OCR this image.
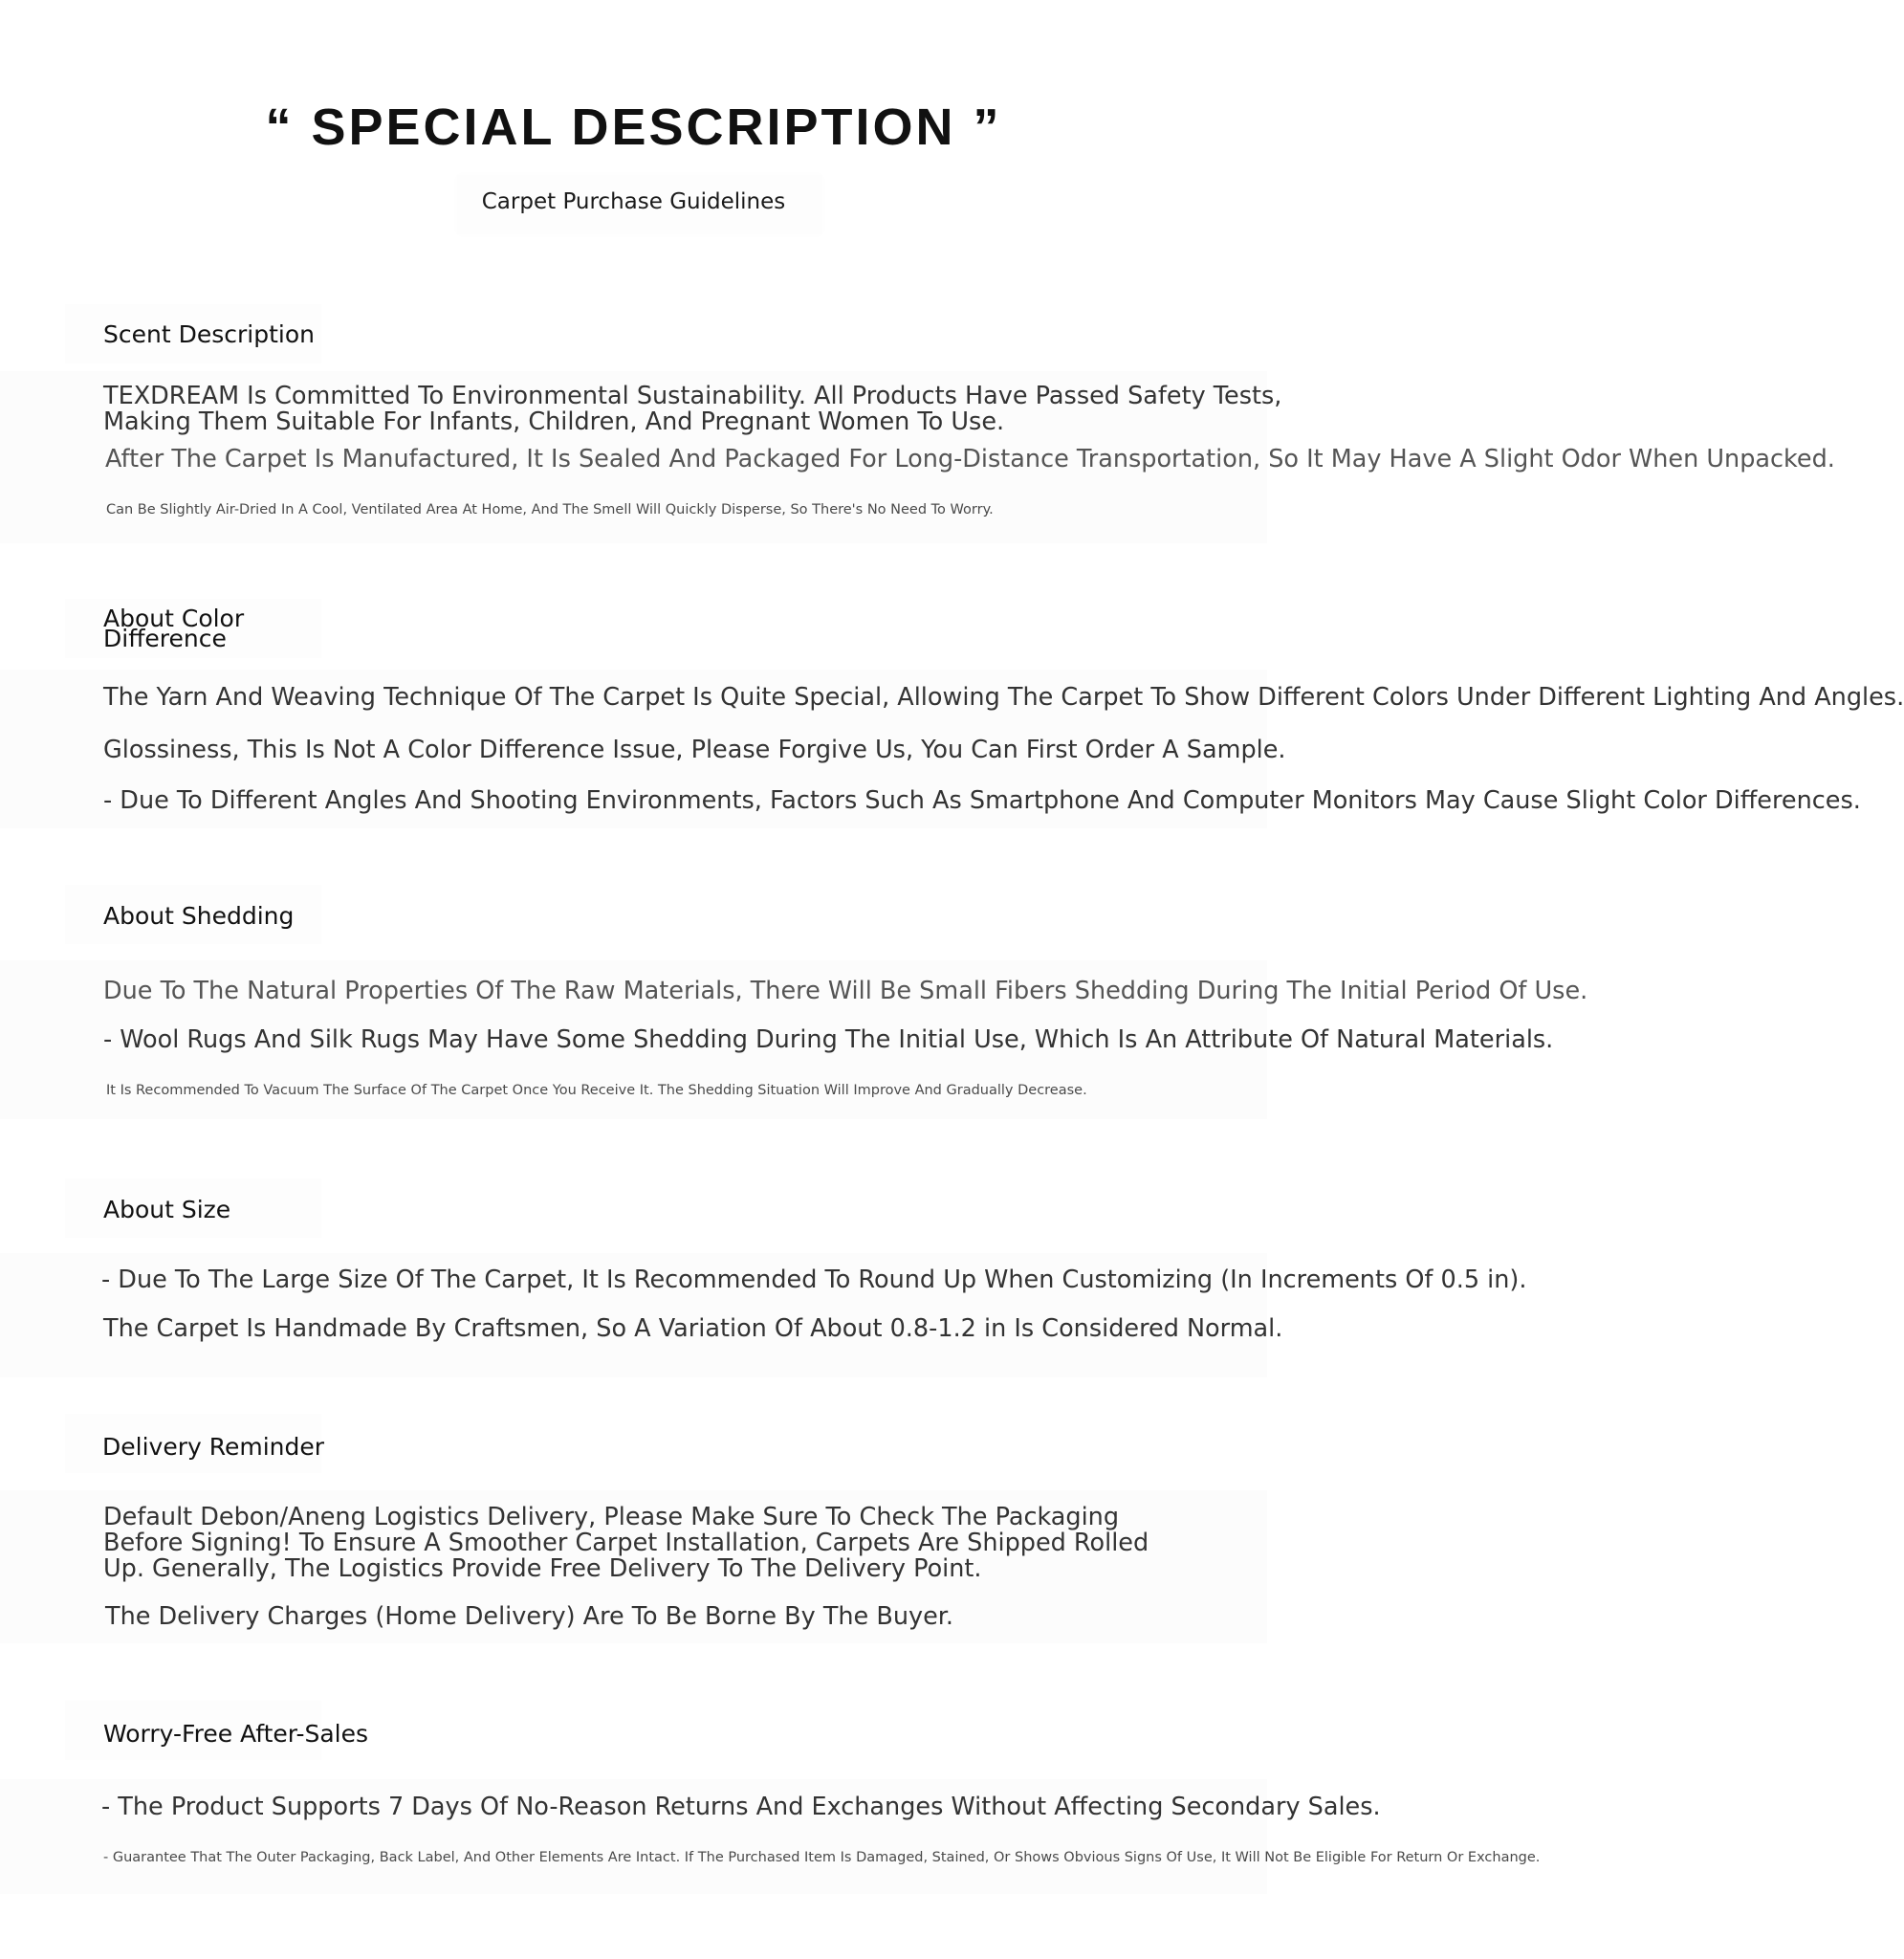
“ SPECIAL DESCRIPTION ”
Carpet Purchase Guidelines
Scent Description
TEXDREAM Is Committed To Environmental Sustainability. All Products Have Passed Safety Tests, Making Them Suitable For Infants, Children, And Pregnant Women To Use.
After The Carpet Is Manufactured, It Is Sealed And Packaged For Long-Distance Transportation, So It May Have A Slight Odor When Unpacked.
Can Be Slightly Air-Dried In A Cool, Ventilated Area At Home, And The Smell Will Quickly Disperse, So There's No Need To Worry.
About Color Difference
The Yarn And Weaving Technique Of The Carpet Is Quite Special, Allowing The Carpet To Show Different Colors Under Different Lighting And Angles.
Glossiness, This Is Not A Color Difference Issue, Please Forgive Us, You Can First Order A Sample.
- Due To Different Angles And Shooting Environments, Factors Such As Smartphone And Computer Monitors May Cause Slight Color Differences.
About Shedding
Due To The Natural Properties Of The Raw Materials, There Will Be Small Fibers Shedding During The Initial Period Of Use.
- Wool Rugs And Silk Rugs May Have Some Shedding During The Initial Use, Which Is An Attribute Of Natural Materials.
It Is Recommended To Vacuum The Surface Of The Carpet Once You Receive It. The Shedding Situation Will Improve And Gradually Decrease.
About Size
- Due To The Large Size Of The Carpet, It Is Recommended To Round Up When Customizing (In Increments Of 0.5 in).
The Carpet Is Handmade By Craftsmen, So A Variation Of About 0.8-1.2 in Is Considered Normal.
Delivery Reminder
Default Debon/Aneng Logistics Delivery, Please Make Sure To Check The Packaging Before Signing! To Ensure A Smoother Carpet Installation, Carpets Are Shipped Rolled Up. Generally, The Logistics Provide Free Delivery To The Delivery Point.
The Delivery Charges (Home Delivery) Are To Be Borne By The Buyer.
Worry-Free After-Sales
- The Product Supports 7 Days Of No-Reason Returns And Exchanges Without Affecting Secondary Sales.
- Guarantee That The Outer Packaging, Back Label, And Other Elements Are Intact. If The Purchased Item Is Damaged, Stained, Or Shows Obvious Signs Of Use, It Will Not Be Eligible For Return Or Exchange.
